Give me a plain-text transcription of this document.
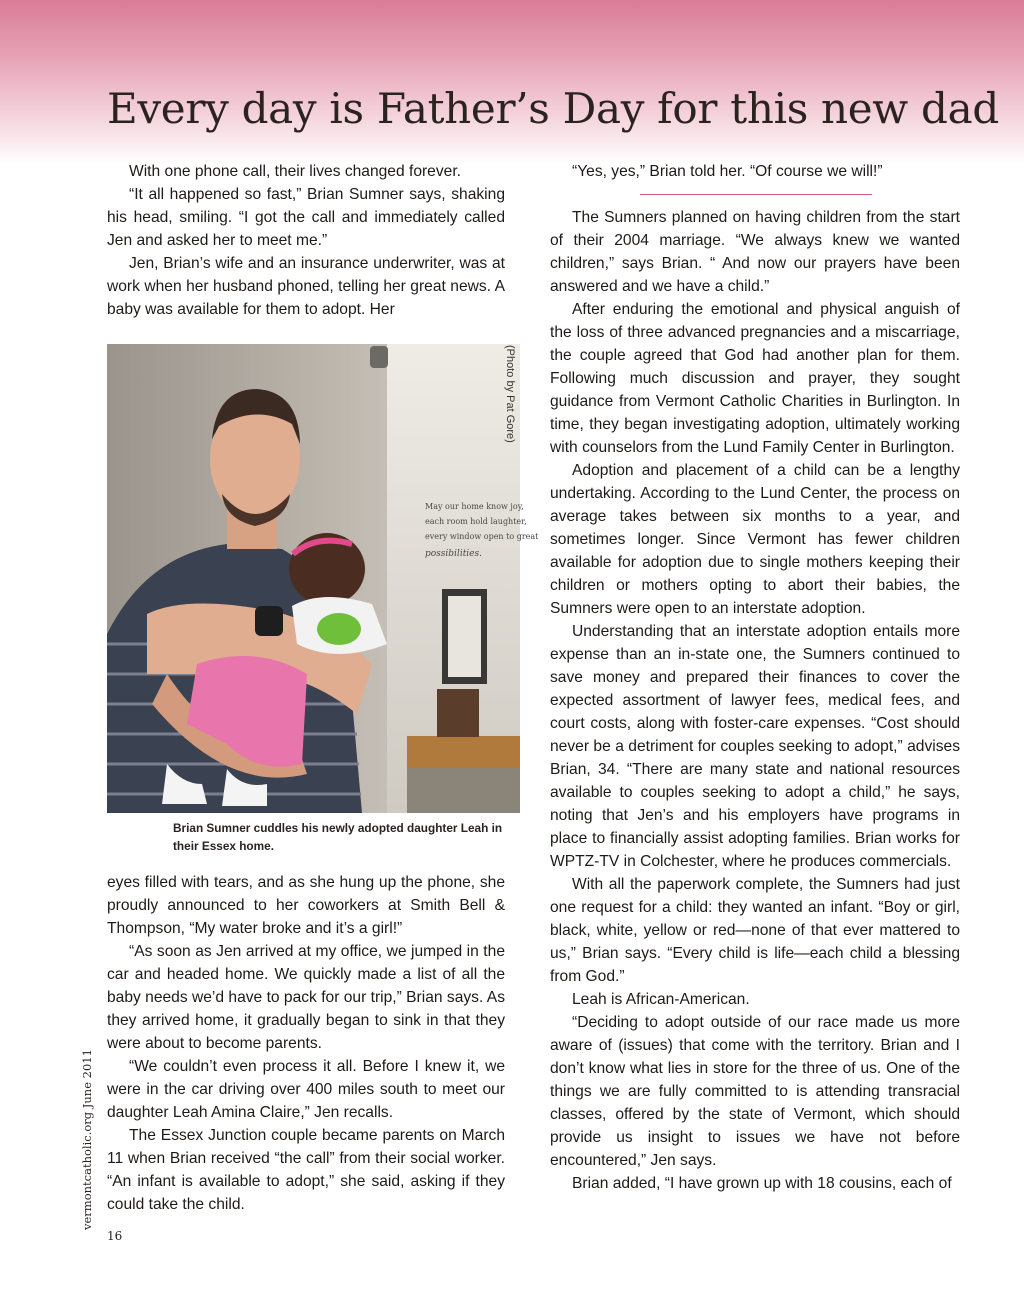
Every day is Father’s Day for this new dad

With one phone call, their lives changed forever.

“It all happened so fast,” Brian Sumner says, shaking his head, smiling. “I got the call and immediately called Jen and asked her to meet me.”

Jen, Brian’s wife and an insurance underwriter, was at work when her husband phoned, telling her great news. A baby was available for them to adopt. Her

May our home know joy,
each room hold laughter,
every window open to great
possibilities.
(Photo by Pat Gore)
Brian Sumner cuddles his newly adopted daughter Leah in their Essex home.

eyes filled with tears, and as she hung up the phone, she proudly announced to her coworkers at Smith Bell & Thompson, “My water broke and it’s a girl!”

“As soon as Jen arrived at my office, we jumped in the car and headed home. We quickly made a list of all the baby needs we’d have to pack for our trip,” Brian says. As they arrived home, it gradually began to sink in that they were about to become parents.

“We couldn’t even process it all. Before I knew it, we were in the car driving over 400 miles south to meet our daughter Leah Amina Claire,” Jen recalls.

The Essex Junction couple became parents on March 11 when Brian received “the call” from their social worker. “An infant is available to adopt,” she said, asking if they could take the child.

“Yes, yes,” Brian told her. “Of course we will!”

The Sumners planned on having children from the start of their 2004 marriage. “We always knew we wanted children,” says Brian. “ And now our prayers have been answered and we have a child.”

After enduring the emotional and physical anguish of the loss of three advanced pregnancies and a miscarriage, the couple agreed that God had another plan for them. Following much discussion and prayer, they sought guidance from Vermont Catholic Charities in Burlington. In time, they began investigating adoption, ultimately working with counselors from the Lund Family Center in Burlington.

Adoption and placement of a child can be a lengthy undertaking. According to the Lund Center, the process on average takes between six months to a year, and sometimes longer. Since Vermont has fewer children available for adoption due to single mothers keeping their children or mothers opting to abort their babies, the Sumners were open to an interstate adoption.

Understanding that an interstate adoption entails more expense than an in-state one, the Sumners continued to save money and prepared their finances to cover the expected assortment of lawyer fees, medical fees, and court costs, along with foster-care expenses. “Cost should never be a detriment for couples seeking to adopt,” advises Brian, 34. “There are many state and national resources available to couples seeking to adopt a child,” he says, noting that Jen’s and his employers have programs in place to financially assist adopting families. Brian works for WPTZ-TV in Colchester, where he produces commercials.

With all the paperwork complete, the Sumners had just one request for a child: they wanted an infant. “Boy or girl, black, white, yellow or red—none of that ever mattered to us,” Brian says. “Every child is life—each child a blessing from God.”

Leah is African-American.

“Deciding to adopt outside of our race made us more aware of (issues) that come with the territory. Brian and I don’t know what lies in store for the three of us. One of the things we are fully committed to is attending transracial classes, offered by the state of Vermont, which should provide us insight to issues we have not before encountered,” Jen says.

Brian added, “I have grown up with 18 cousins, each of

vermontcatholic.org June 2011
16
